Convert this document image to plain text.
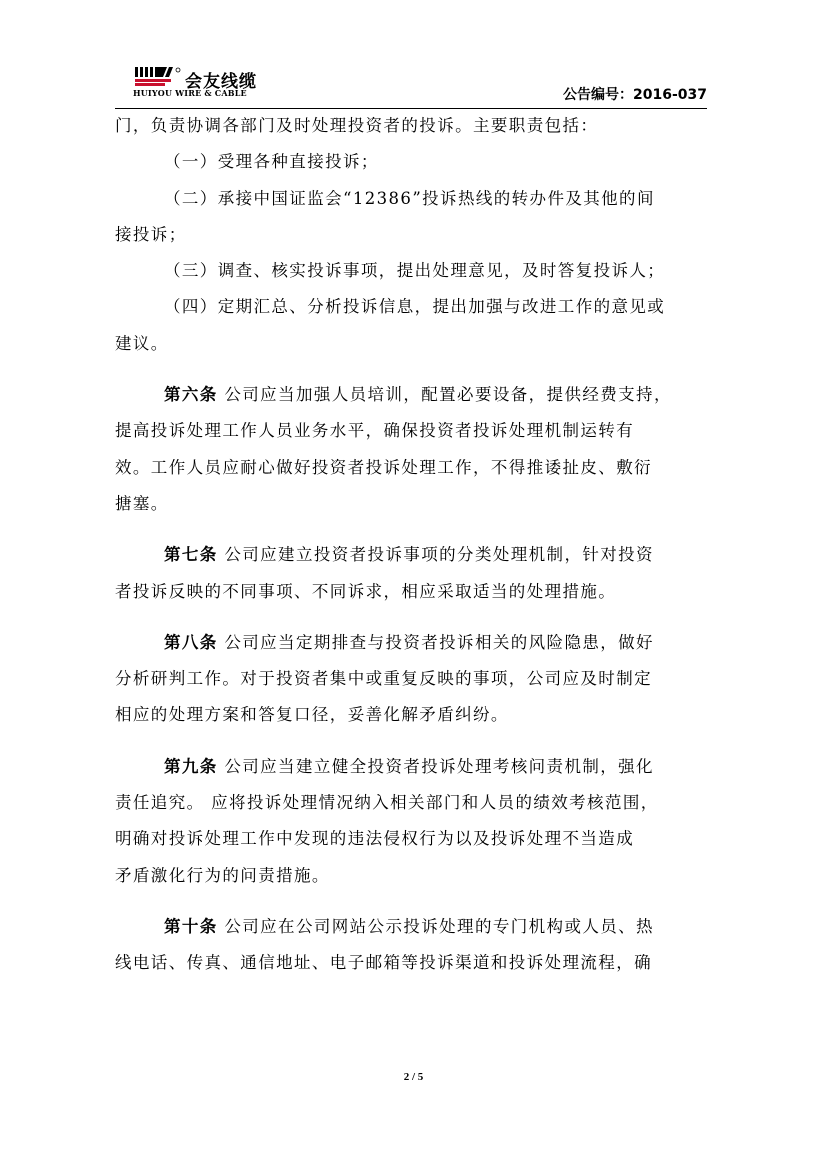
会友线缆
HUIYOU WIRE & CABLE	公告编号：2016-037
门，负责协调各部门及时处理投资者的投诉。主要职责包括：
（一）受理各种直接投诉；
（二）承接中国证监会“12386”投诉热线的转办件及其他的间
接投诉；
（三）调查、核实投诉事项，提出处理意见，及时答复投诉人；
（四）定期汇总、分析投诉信息，提出加强与改进工作的意见或
建议。
第六条 公司应当加强人员培训，配置必要设备，提供经费支持，
提高投诉处理工作人员业务水平，确保投资者投诉处理机制运转有
效。工作人员应耐心做好投资者投诉处理工作，不得推诿扯皮、敷衍
搪塞。
第七条 公司应建立投资者投诉事项的分类处理机制，针对投资
者投诉反映的不同事项、不同诉求，相应采取适当的处理措施。
第八条 公司应当定期排查与投资者投诉相关的风险隐患，做好
分析研判工作。对于投资者集中或重复反映的事项，公司应及时制定
相应的处理方案和答复口径，妥善化解矛盾纠纷。
第九条 公司应当建立健全投资者投诉处理考核问责机制，强化
责任追究。 应将投诉处理情况纳入相关部门和人员的绩效考核范围，
明确对投诉处理工作中发现的违法侵权行为以及投诉处理不当造成
矛盾激化行为的问责措施。
第十条 公司应在公司网站公示投诉处理的专门机构或人员、热
线电话、传真、通信地址、电子邮箱等投诉渠道和投诉处理流程，确
2 / 5
